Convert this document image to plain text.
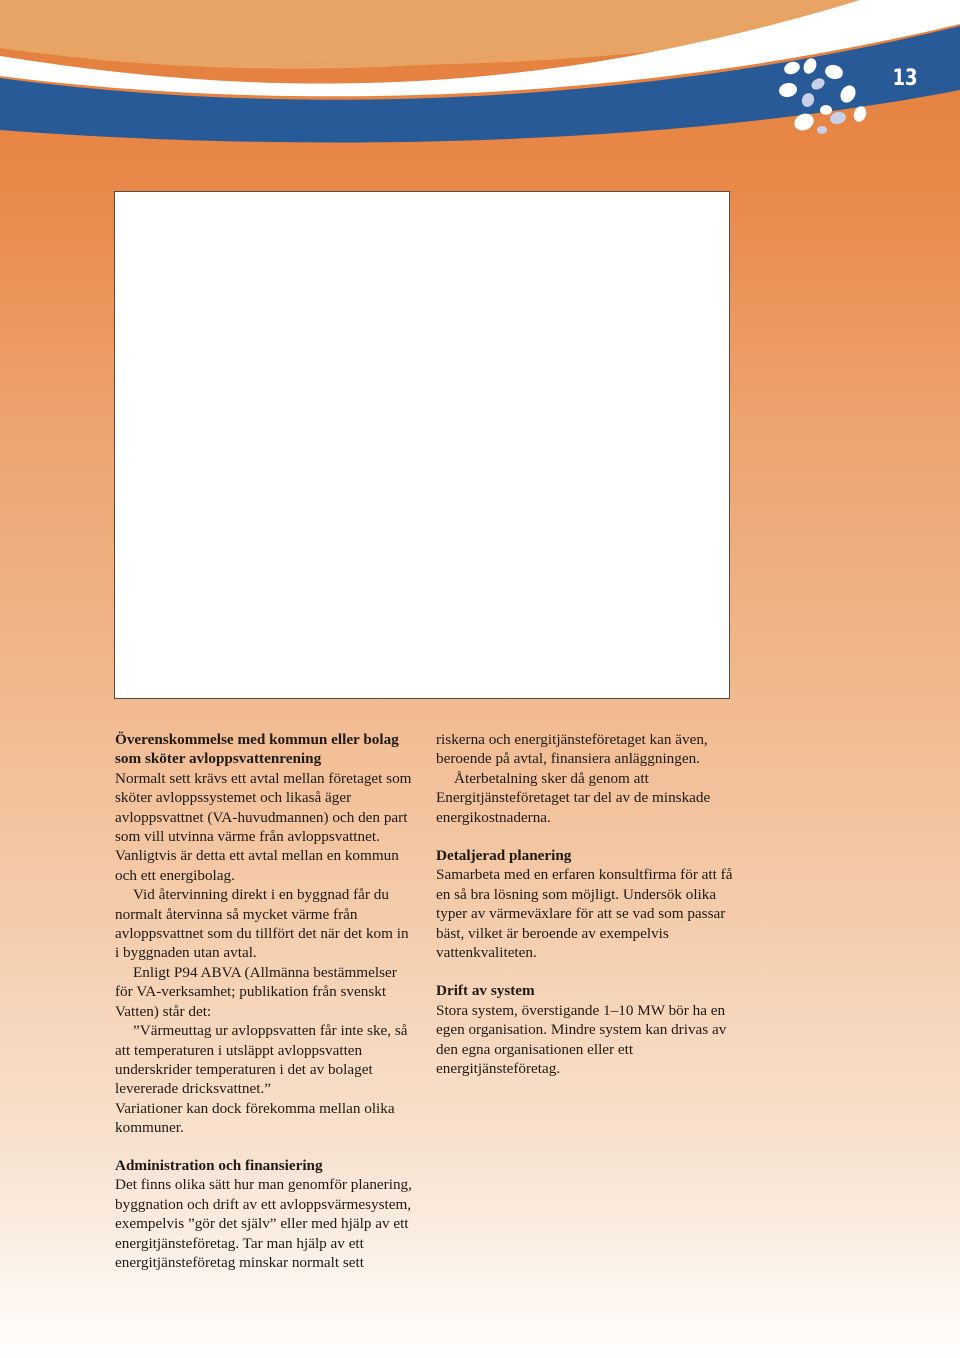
13
Överenskommelse med kommun eller bolag som sköter avloppsvattenrening

Normalt sett krävs ett avtal mellan företaget som sköter avloppssystemet och likaså äger avloppsvattnet (VA-huvudmannen) och den part som vill utvinna värme från avloppsvattnet. Vanligtvis är detta ett avtal mellan en kommun och ett energibolag.

Vid återvinning direkt i en byggnad får du normalt återvinna så mycket värme från avloppsvattnet som du tillfört det när det kom in i byggnaden utan avtal.

Enligt P94 ABVA (Allmänna bestämmelser för VA-verksamhet; publikation från svenskt Vatten) står det:

”Värmeuttag ur avloppsvatten får inte ske, så att temperaturen i utsläppt avloppsvatten underskrider temperaturen i det av bolaget levererade dricksvattnet.”

Variationer kan dock förekomma mellan olika kommuner.

Administration och finansiering

Det finns olika sätt hur man genomför planering, byggnation och drift av ett avloppsvärmesystem, exempelvis ”gör det själv” eller med hjälp av ett energitjänsteföretag. Tar man hjälp av ett energitjänsteföretag minskar normalt sett

riskerna och energitjänsteföretaget kan även, beroende på avtal, finansiera anläggningen.

Återbetalning sker då genom att Energitjänsteföretaget tar del av de minskade energikostnaderna.

Detaljerad planering

Samarbeta med en erfaren konsultfirma för att få en så bra lösning som möjligt. Undersök olika typer av värmeväxlare för att se vad som passar bäst, vilket är beroende av exempelvis vattenkvaliteten.

Drift av system

Stora system, överstigande 1–10 MW bör ha en egen organisation. Mindre system kan drivas av den egna organisationen eller ett energitjänsteföretag.
